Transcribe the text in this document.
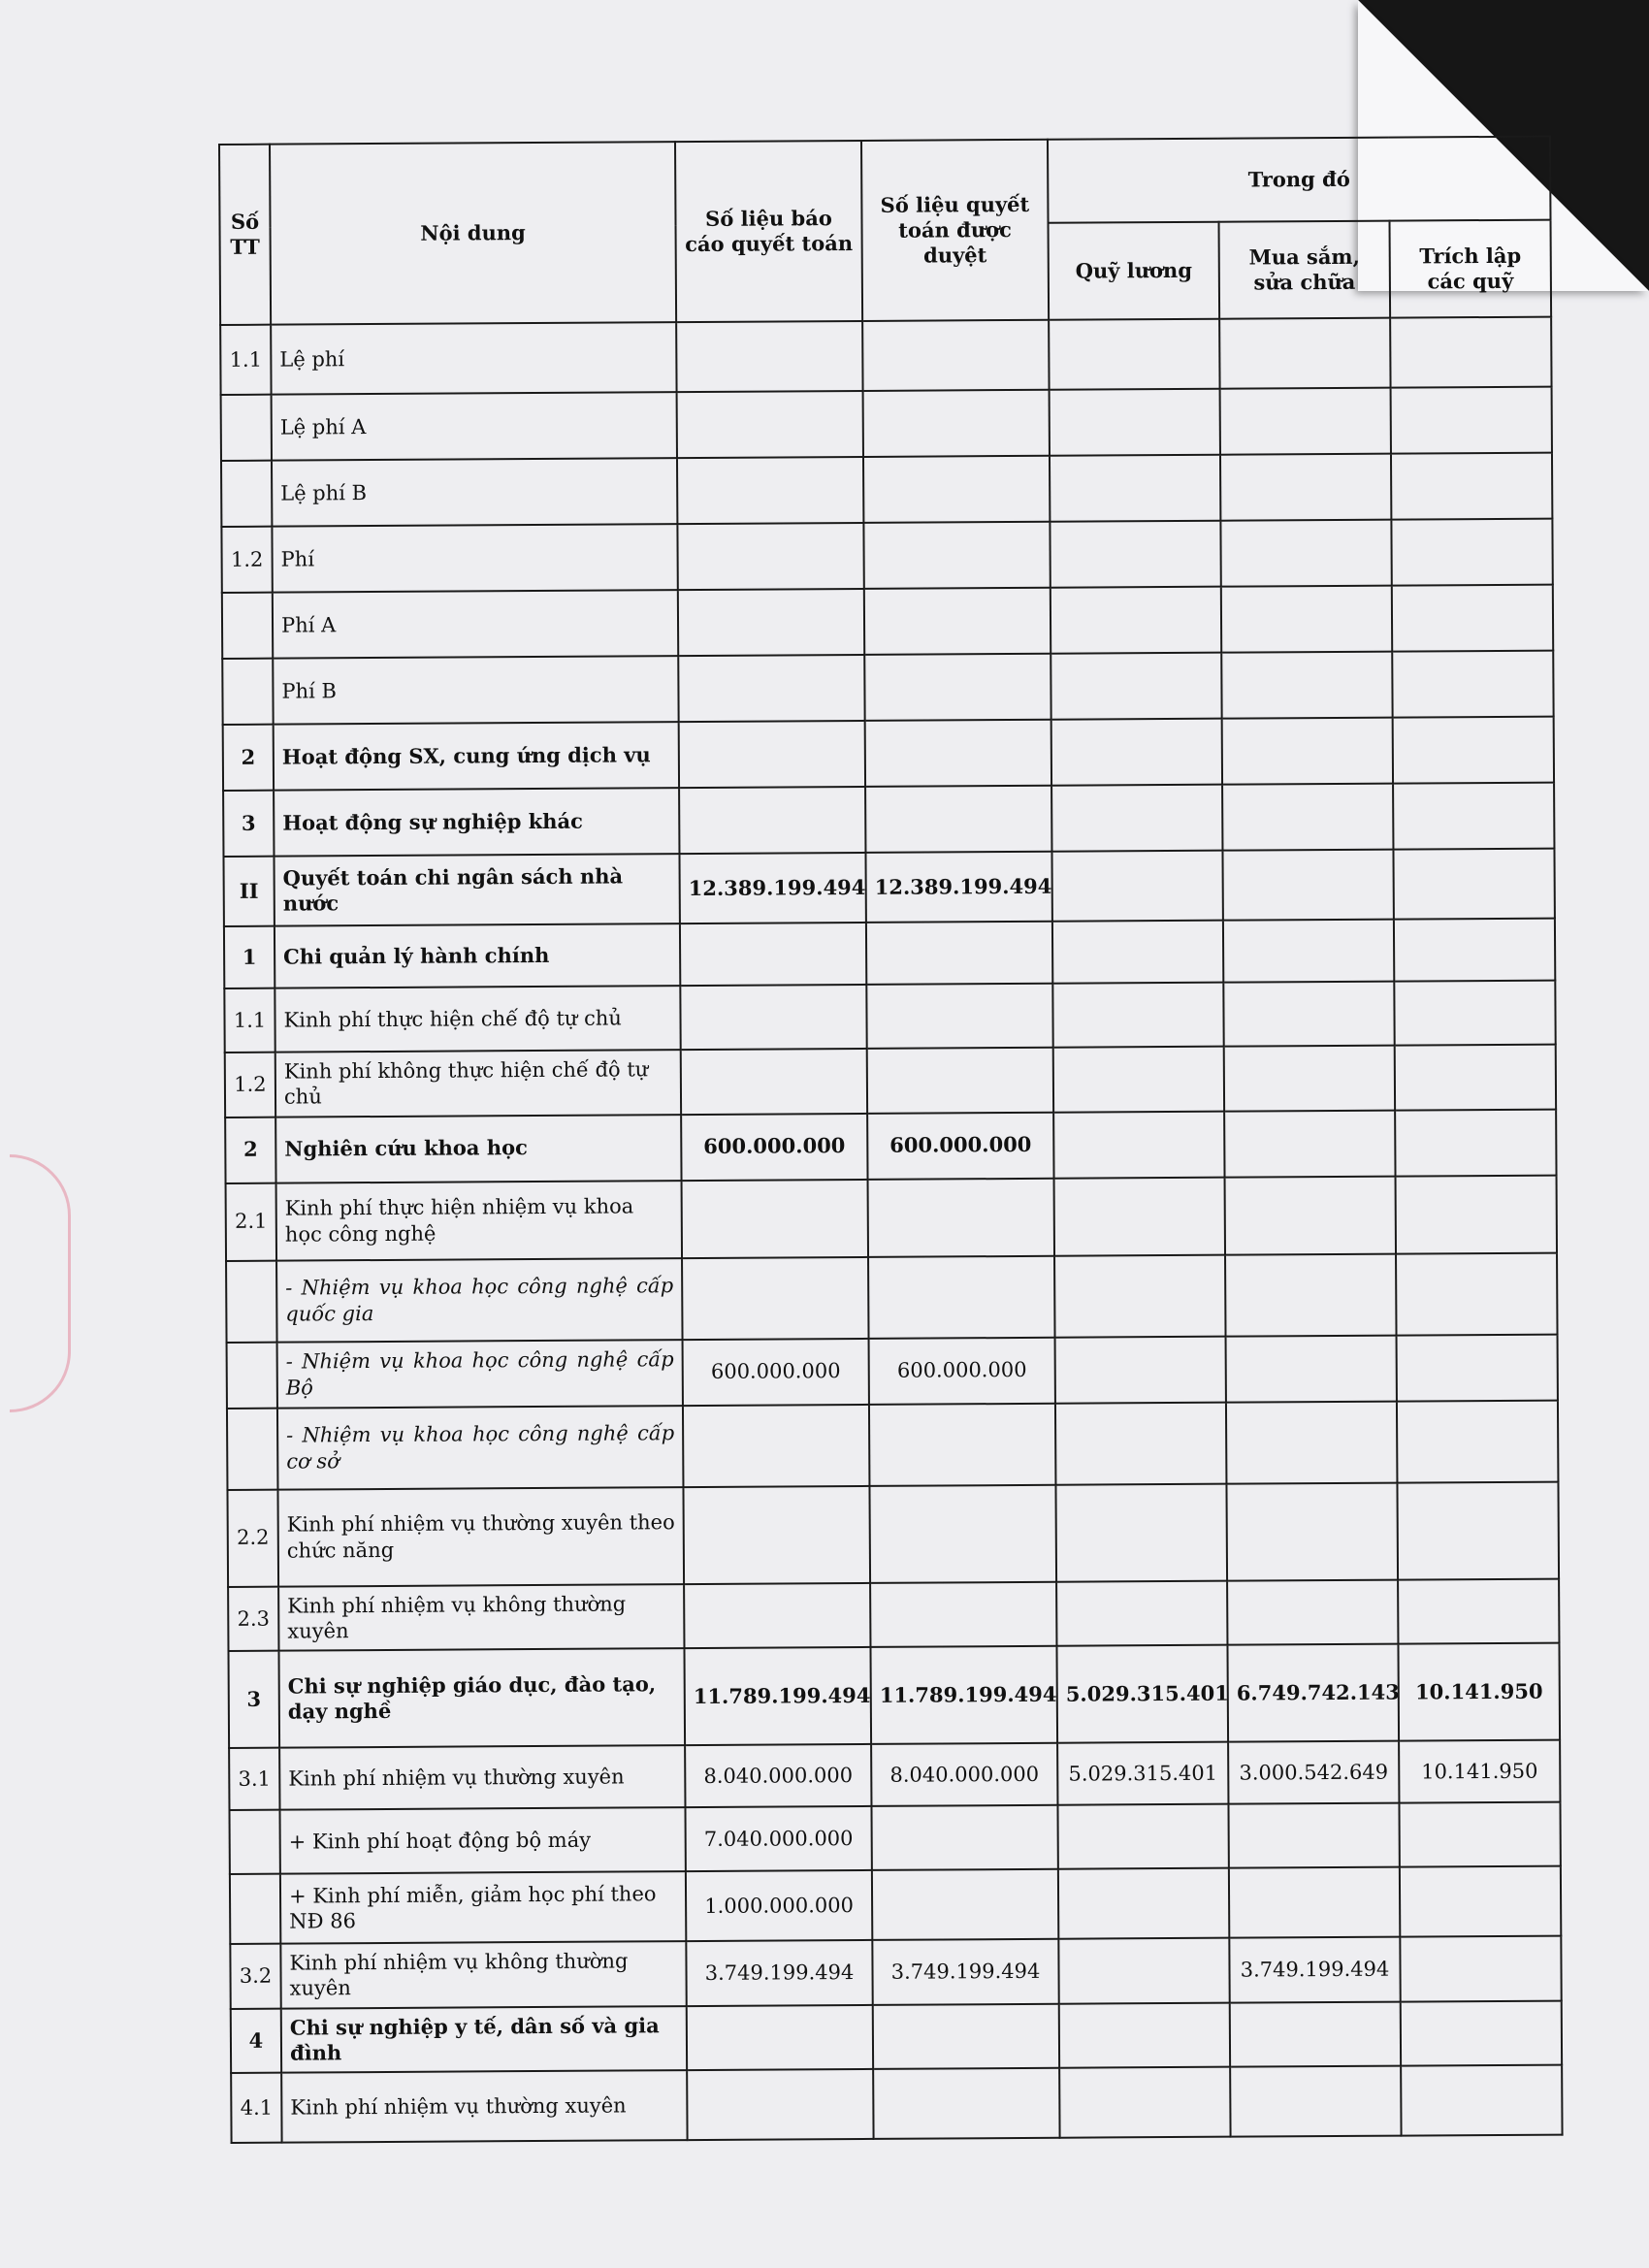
Số TT	Nội dung	Số liệu báo cáo quyết toán	Số liệu quyết toán được duyệt	Trong đó		
				Quỹ lương	Mua sắm, sửa chữa	Trích lập các quỹ
1.1	Lệ phí					
	Lệ phí A					
	Lệ phí B					
1.2	Phí					
	Phí A					
	Phí B					
2	Hoạt động SX, cung ứng dịch vụ					
3	Hoạt động sự nghiệp khác					
II	Quyết toán chi ngân sách nhà nước	12.389.199.494	12.389.199.494			
1	Chi quản lý hành chính					
1.1	Kinh phí thực hiện chế độ tự chủ					
1.2	Kinh phí không thực hiện chế độ tự chủ					
2	Nghiên cứu khoa học	600.000.000	600.000.000			
2.1	Kinh phí thực hiện nhiệm vụ khoa học công nghệ					
	- Nhiệm vụ khoa học công nghệ cấp quốc gia					
	- Nhiệm vụ khoa học công nghệ cấp Bộ	600.000.000	600.000.000			
	- Nhiệm vụ khoa học công nghệ cấp cơ sở					
2.2	Kinh phí nhiệm vụ thường xuyên theo chức năng					
2.3	Kinh phí nhiệm vụ không thường xuyên					
3	Chi sự nghiệp giáo dục, đào tạo, dạy nghề	11.789.199.494	11.789.199.494	5.029.315.401	6.749.742.143	10.141.950
3.1	Kinh phí nhiệm vụ thường xuyên	8.040.000.000	8.040.000.000	5.029.315.401	3.000.542.649	10.141.950
	+ Kinh phí hoạt động bộ máy	7.040.000.000				
	+ Kinh phí miễn, giảm học phí theo NĐ 86	1.000.000.000				
3.2	Kinh phí nhiệm vụ không thường xuyên	3.749.199.494	3.749.199.494		3.749.199.494	
4	Chi sự nghiệp y tế, dân số và gia đình					
4.1	Kinh phí nhiệm vụ thường xuyên					
